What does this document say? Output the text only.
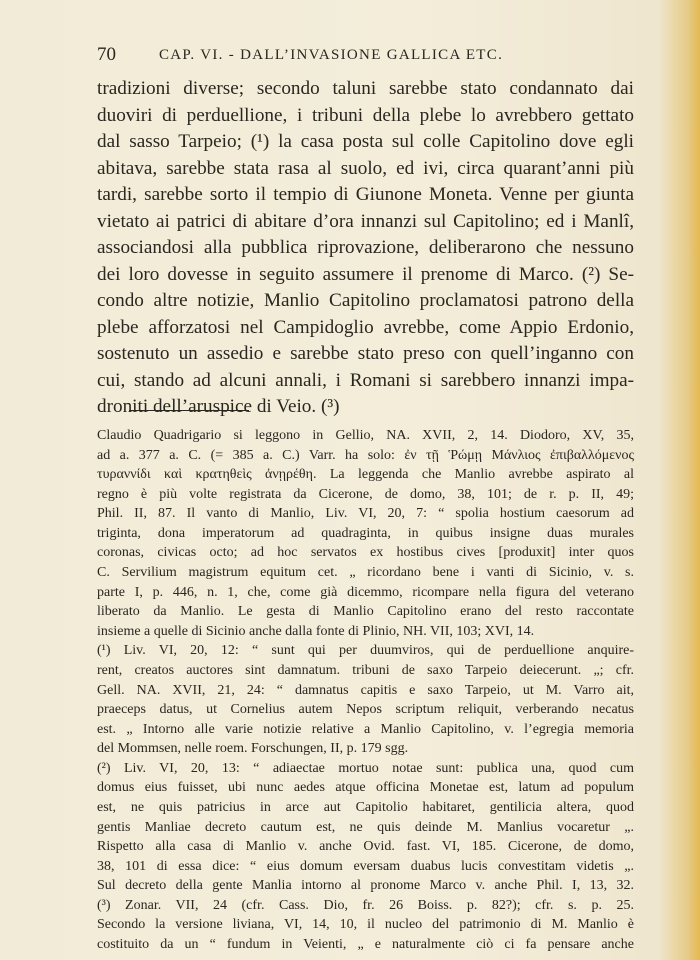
70	CAP. VI. - DALL’INVASIONE GALLICA ETC.
tradizioni diverse; secondo taluni sarebbe stato condannato dai
duoviri di perduellione, i tribuni della plebe lo avrebbero gettato
dal sasso Tarpeio; (¹) la casa posta sul colle Capitolino dove egli
abitava, sarebbe stata rasa al suolo, ed ivi, circa quarant’anni più
tardi, sarebbe sorto il tempio di Giunone Moneta. Venne per giunta
vietato ai patrici di abitare d’ora innanzi sul Capitolino; ed i Manlî,
associandosi alla pubblica riprovazione, deliberarono che nessuno
dei loro dovesse in seguito assumere il prenome di Marco. (²) Se-
condo altre notizie, Manlio Capitolino proclamatosi patrono della
plebe afforzatosi nel Campidoglio avrebbe, come Appio Erdonio,
sostenuto un assedio e sarebbe stato preso con quell’inganno con
cui, stando ad alcuni annali, i Romani si sarebbero innanzi impa-
droniti dell’aruspice di Veio. (³)
Claudio Quadrigario si leggono in Gellio, NA. XVII, 2, 14. Diodoro, XV, 35,
ad a. 377 a. C. (= 385 a. C.) Varr. ha solo: ἐν τῇ Ῥώμῃ Μάνλιος ἐπιβαλλόμενος
τυραννίδι καὶ κρατηθεὶς ἀνῃρέθη. La leggenda che Manlio avrebbe aspirato al
regno è più volte registrata da Cicerone, de domo, 38, 101; de r. p. II, 49;
Phil. II, 87. Il vanto di Manlio, Liv. VI, 20, 7: “ spolia hostium caesorum ad
triginta, dona imperatorum ad quadraginta, in quibus insigne duas murales
coronas, civicas octo; ad hoc servatos ex hostibus cives [produxit] inter quos
C. Servilium magistrum equitum cet. „ ricordano bene i vanti di Sicinio, v. s.
parte I, p. 446, n. 1, che, come già dicemmo, ricompare nella figura del veterano
liberato da Manlio. Le gesta di Manlio Capitolino erano del resto raccontate
insieme a quelle di Sicinio anche dalla fonte di Plinio, NH. VII, 103; XVI, 14.
(¹) Liv. VI, 20, 12: “ sunt qui per duumviros, qui de perduellione anquire-
rent, creatos auctores sint damnatum. tribuni de saxo Tarpeio deiecerunt. „; cfr.
Gell. NA. XVII, 21, 24: “ damnatus capitis e saxo Tarpeio, ut M. Varro ait,
praeceps datus, ut Cornelius autem Nepos scriptum reliquit, verberando necatus
est. „ Intorno alle varie notizie relative a Manlio Capitolino, v. l’egregia memoria
del Mommsen, nelle roem. Forschungen, II, p. 179 sgg.
(²) Liv. VI, 20, 13: “ adiaectae mortuo notae sunt: publica una, quod cum
domus eius fuisset, ubi nunc aedes atque officina Monetae est, latum ad populum
est, ne quis patricius in arce aut Capitolio habitaret, gentilicia altera, quod
gentis Manliae decreto cautum est, ne quis deinde M. Manlius vocaretur „.
Rispetto alla casa di Manlio v. anche Ovid. fast. VI, 185. Cicerone, de domo,
38, 101 di essa dice: “ eius domum eversam duabus lucis convestitam videtis „.
Sul decreto della gente Manlia intorno al pronome Marco v. anche Phil. I, 13, 32.
(³) Zonar. VII, 24 (cfr. Cass. Dio, fr. 26 Boiss. p. 82?); cfr. s. p. 25.
Secondo la versione liviana, VI, 14, 10, il nucleo del patrimonio di M. Manlio è
costituito da un “ fundum in Veienti, „ e naturalmente ciò ci fa pensare anche
